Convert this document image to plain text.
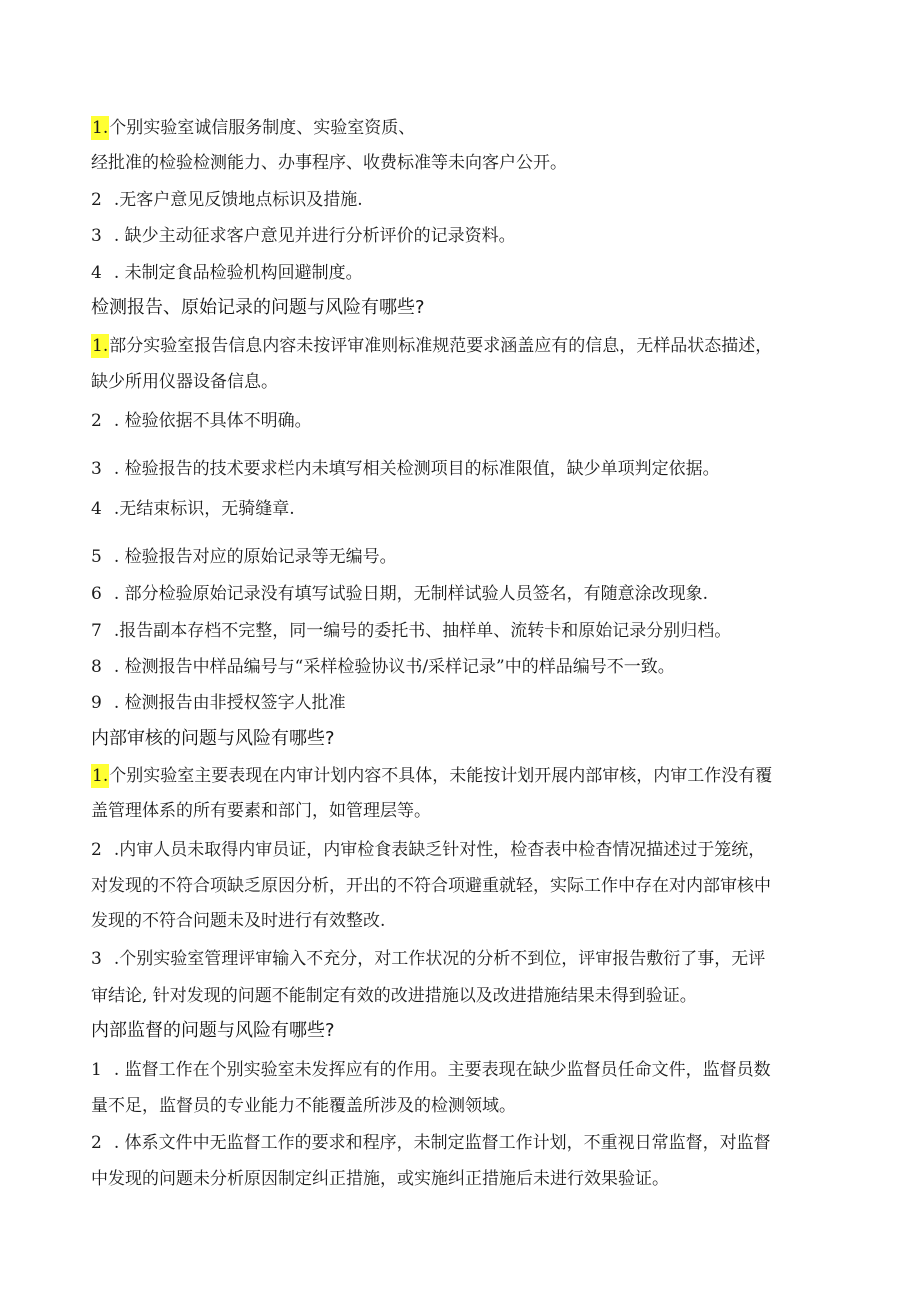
1.个别实验室诚信服务制度、实验室资质、
经批准的检验检测能力、办事程序、收费标准等未向客户公开。
2 .无客户意见反馈地点标识及措施.
3 . 缺少主动征求客户意见并进行分析评价的记录资料。
4 . 未制定食品检验机构回避制度。
检测报告、原始记录的问题与风险有哪些?
1.部分实验室报告信息内容未按评审准则标准规范要求涵盖应有的信息，无样品状态描述，
缺少所用仪器设备信息。
2 . 检验依据不具体不明确。
3 . 检验报告的技术要求栏内未填写相关检测项目的标准限值，缺少单项判定依据。
4 .无结束标识，无骑缝章.
5 . 检验报告对应的原始记录等无编号。
6 . 部分检验原始记录没有填写试验日期，无制样试验人员签名，有随意涂改现象.
7 .报告副本存档不完整，同一编号的委托书、抽样单、流转卡和原始记录分别归档。
8 . 检测报告中样品编号与“采样检验协议书/采样记录”中的样品编号不一致。
9 . 检测报告由非授权签字人批准
内部审核的问题与风险有哪些?
1.个别实验室主要表现在内审计划内容不具体，未能按计划开展内部审核，内审工作没有覆
盖管理体系的所有要素和部门，如管理层等。
2 .内审人员未取得内审员证，内审检食表缺乏针对性，检杳表中检杳情况描述过于笼统，
对发现的不符合项缺乏原因分析，开出的不符合项避重就轻，实际工作中存在对内部审核中
发现的不符合问题未及时进行有效整改.
3 .个别实验室管理评审输入不充分，对工作状况的分析不到位，评审报告敷衍了事，无评
审结论, 针对发现的问题不能制定有效的改进措施以及改进措施结果未得到验证。
内部监督的问题与风险有哪些?
1 . 监督工作在个别实验室未发挥应有的作用。主要表现在缺少监督员任命文件，监督员数
量不足，监督员的专业能力不能覆盖所涉及的检测领域。
2 . 体系文件中无监督工作的要求和程序，未制定监督工作计划，不重视日常监督，对监督
中发现的问题未分析原因制定纠正措施，或实施纠正措施后未进行效果验证。
